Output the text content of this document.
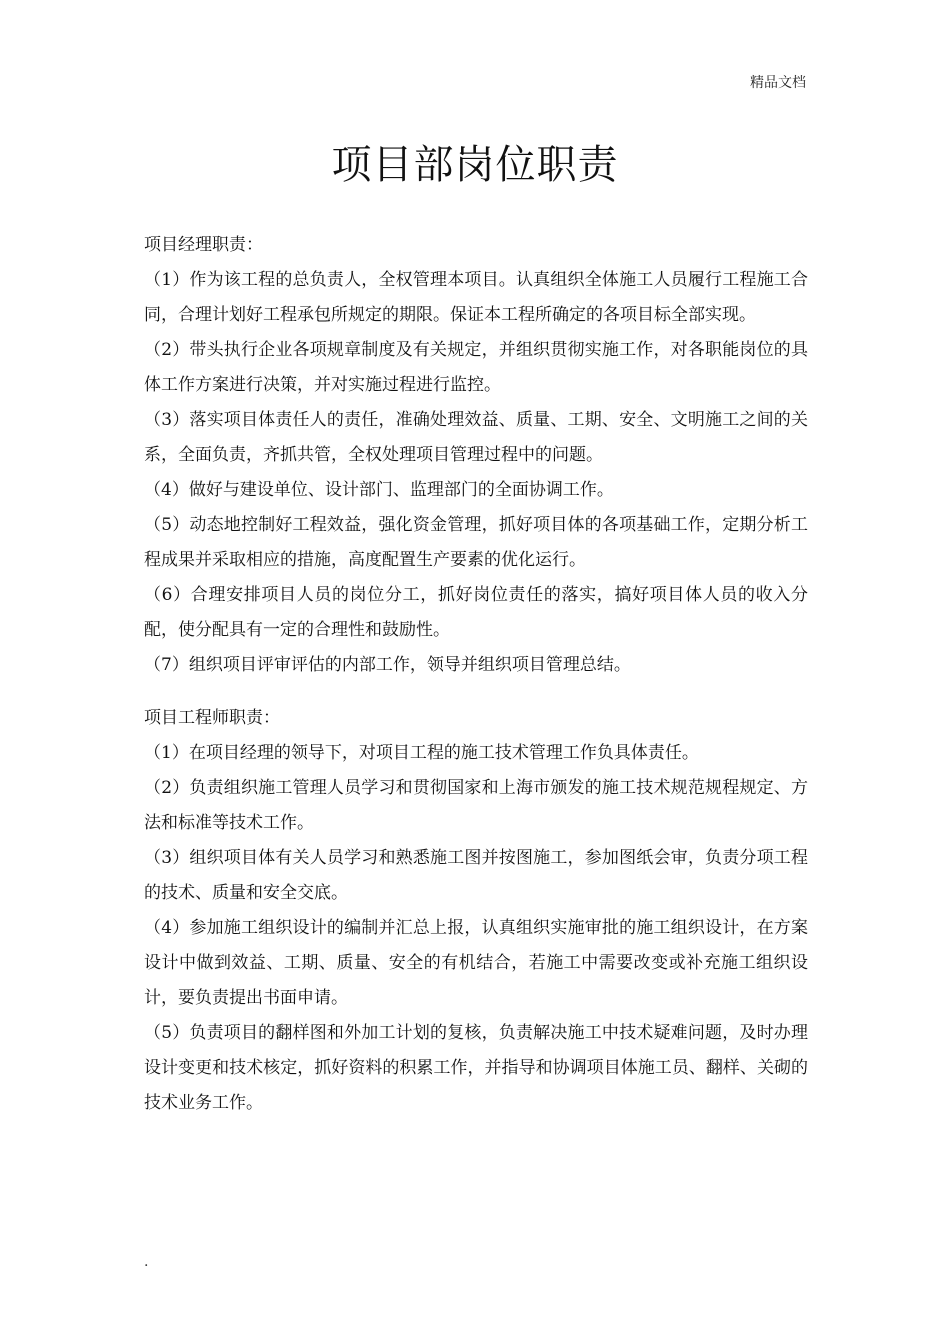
精品文档
项目部岗位职责

项目经理职责：

（1）作为该工程的总负责人，全权管理本项目。认真组织全体施工人员履行工程施工合同，合理计划好工程承包所规定的期限。保证本工程所确定的各项目标全部实现。

（2）带头执行企业各项规章制度及有关规定，并组织贯彻实施工作，对各职能岗位的具体工作方案进行决策，并对实施过程进行监控。

（3）落实项目体责任人的责任，准确处理效益、质量、工期、安全、文明施工之间的关系，全面负责，齐抓共管，全权处理项目管理过程中的问题。

（4）做好与建设单位、设计部门、监理部门的全面协调工作。

（5）动态地控制好工程效益，强化资金管理，抓好项目体的各项基础工作，定期分析工程成果并采取相应的措施，高度配置生产要素的优化运行。

（6）合理安排项目人员的岗位分工，抓好岗位责任的落实，搞好项目体人员的收入分配，使分配具有一定的合理性和鼓励性。

（7）组织项目评审评估的内部工作，领导并组织项目管理总结。

项目工程师职责：

（1）在项目经理的领导下，对项目工程的施工技术管理工作负具体责任。

（2）负责组织施工管理人员学习和贯彻国家和上海市颁发的施工技术规范规程规定、方法和标准等技术工作。

（3）组织项目体有关人员学习和熟悉施工图并按图施工，参加图纸会审，负责分项工程的技术、质量和安全交底。

（4）参加施工组织设计的编制并汇总上报，认真组织实施审批的施工组织设计，在方案设计中做到效益、工期、质量、安全的有机结合，若施工中需要改变或补充施工组织设计，要负责提出书面申请。

（5）负责项目的翻样图和外加工计划的复核，负责解决施工中技术疑难问题，及时办理设计变更和技术核定，抓好资料的积累工作，并指导和协调项目体施工员、翻样、关砌的技术业务工作。

.
